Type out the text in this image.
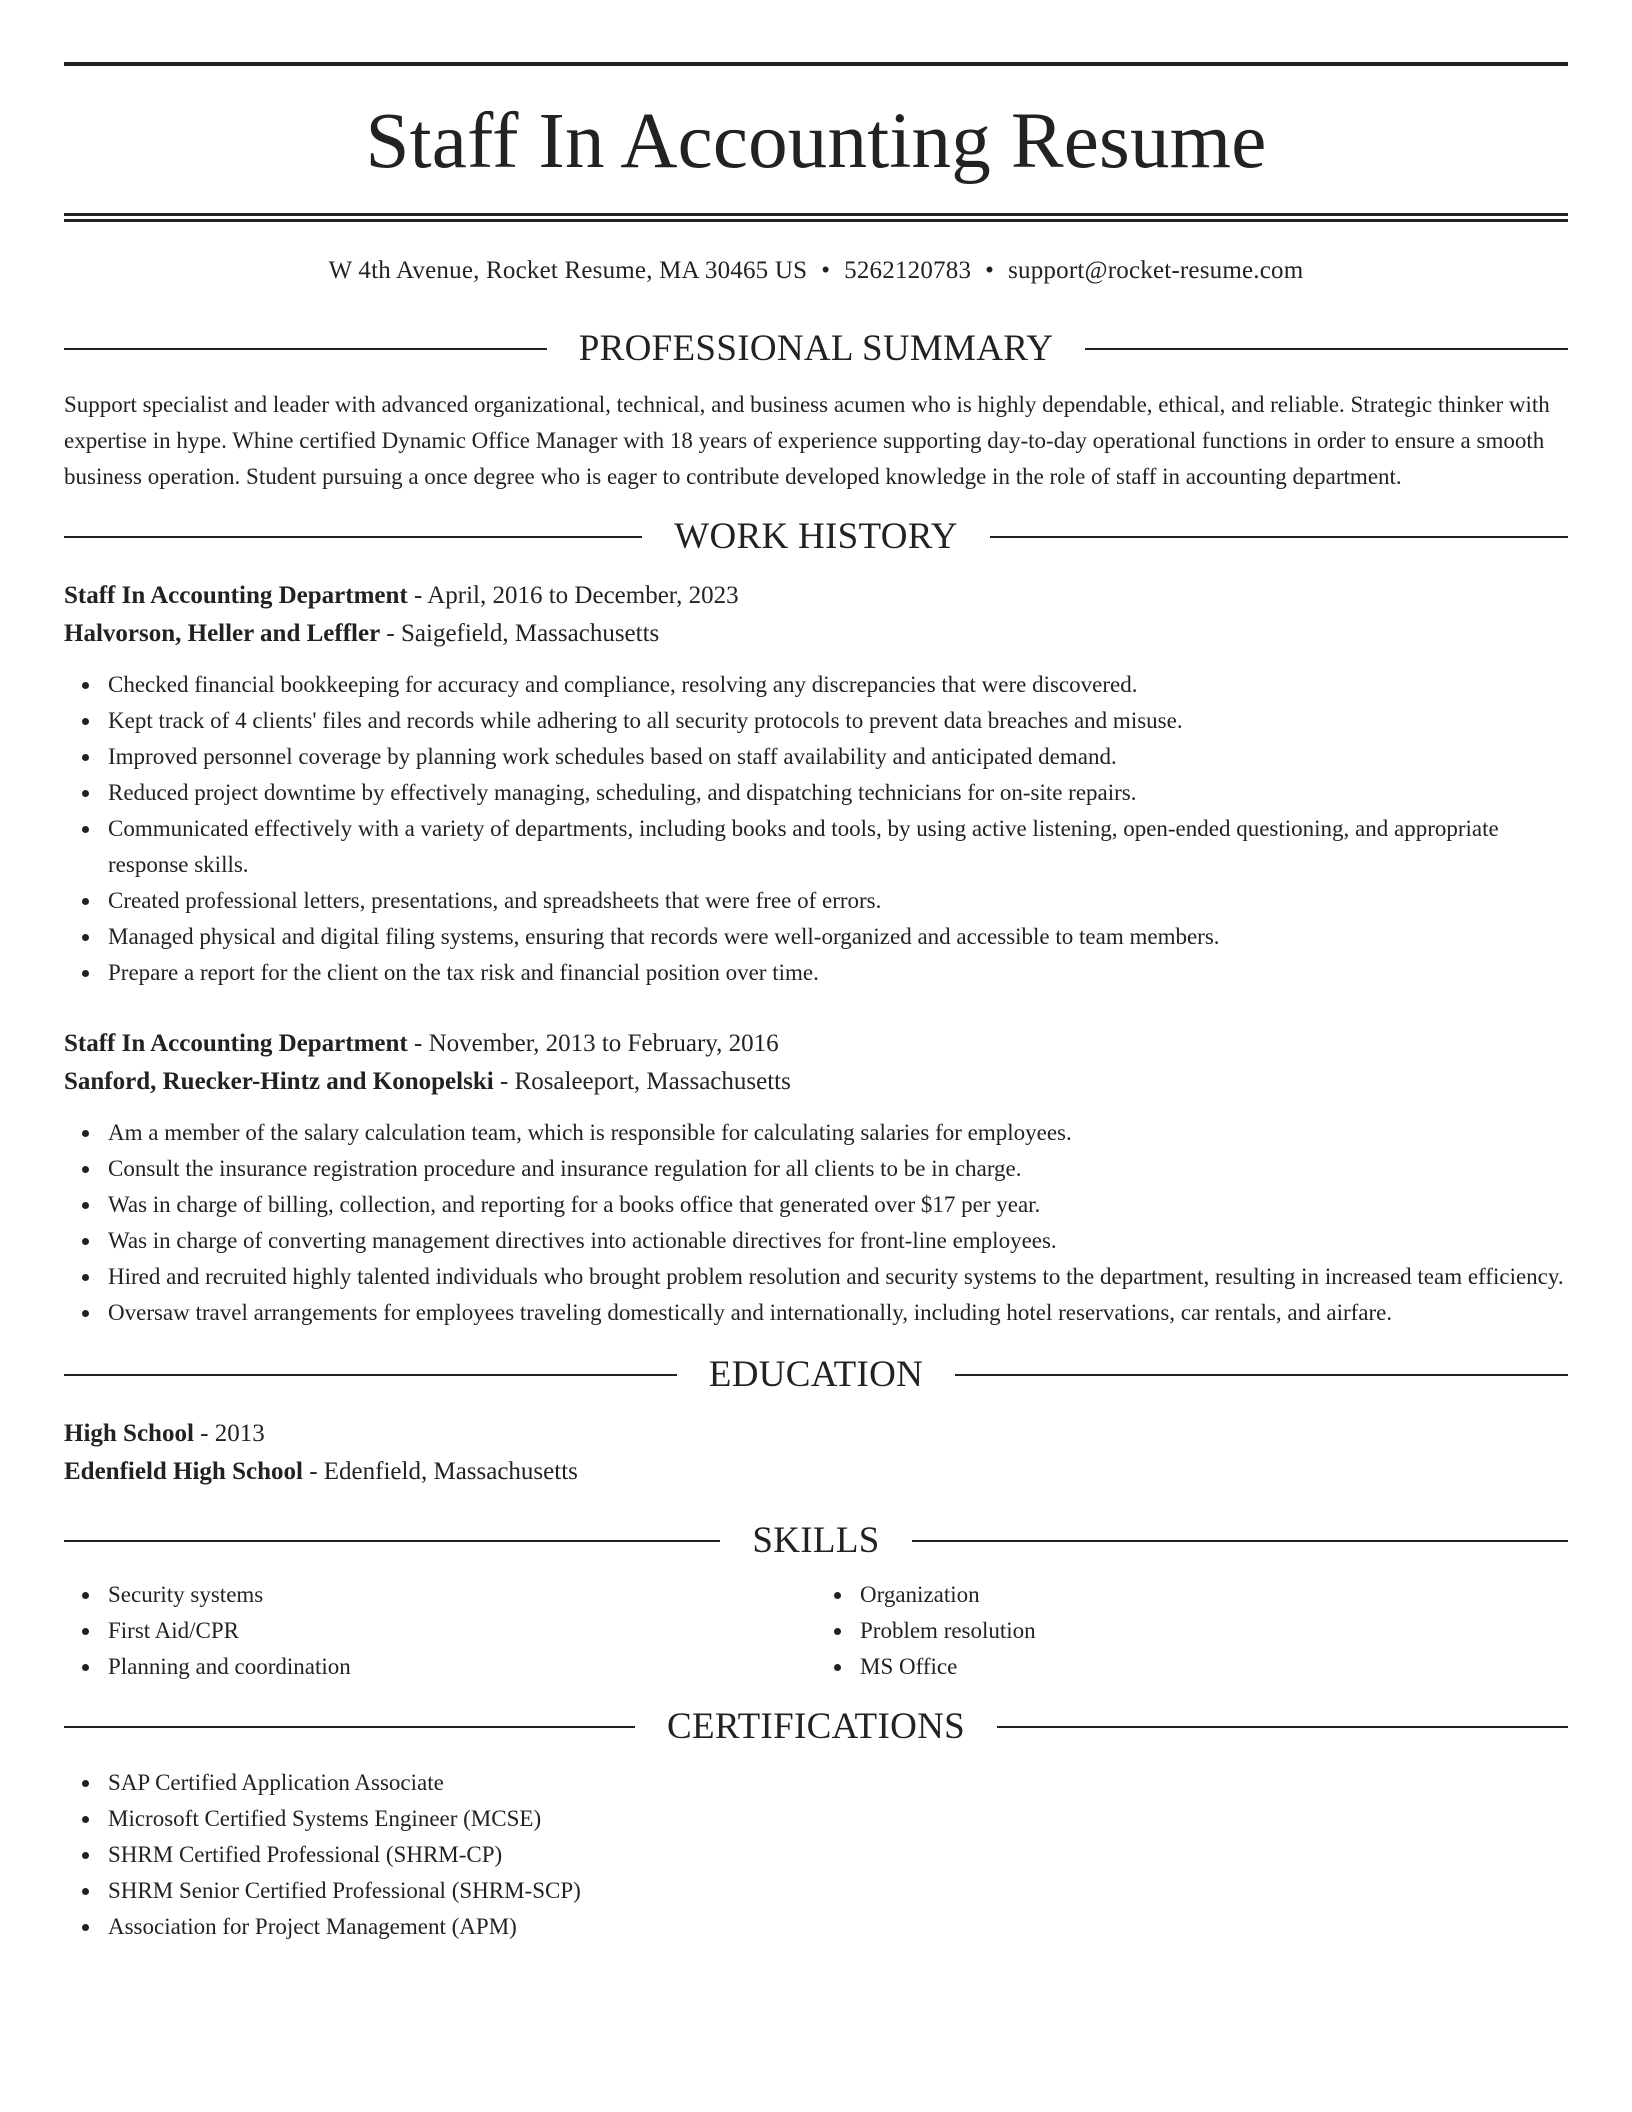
Staff In Accounting Resume
W 4th Avenue, Rocket Resume, MA 30465 US • 5262120783 • support@rocket-resume.com
PROFESSIONAL SUMMARY

Support specialist and leader with advanced organizational, technical, and business acumen who is highly dependable, ethical, and reliable. Strategic thinker with expertise in hype. Whine certified Dynamic Office Manager with 18 years of experience supporting day-to-day operational functions in order to ensure a smooth business operation. Student pursuing a once degree who is eager to contribute developed knowledge in the role of staff in accounting department.

WORK HISTORY

Staff In Accounting Department - April, 2016 to December, 2023

Halvorson, Heller and Leffler - Saigefield, Massachusetts

Checked financial bookkeeping for accuracy and compliance, resolving any discrepancies that were discovered.
Kept track of 4 clients' files and records while adhering to all security protocols to prevent data breaches and misuse.
Improved personnel coverage by planning work schedules based on staff availability and anticipated demand.
Reduced project downtime by effectively managing, scheduling, and dispatching technicians for on-site repairs.
Communicated effectively with a variety of departments, including books and tools, by using active listening, open-ended questioning, and appropriate response skills.
Created professional letters, presentations, and spreadsheets that were free of errors.
Managed physical and digital filing systems, ensuring that records were well-organized and accessible to team members.
Prepare a report for the client on the tax risk and financial position over time.

Staff In Accounting Department - November, 2013 to February, 2016

Sanford, Ruecker-Hintz and Konopelski - Rosaleeport, Massachusetts

Am a member of the salary calculation team, which is responsible for calculating salaries for employees.
Consult the insurance registration procedure and insurance regulation for all clients to be in charge.
Was in charge of billing, collection, and reporting for a books office that generated over $17 per year.
Was in charge of converting management directives into actionable directives for front-line employees.
Hired and recruited highly talented individuals who brought problem resolution and security systems to the department, resulting in increased team efficiency.
Oversaw travel arrangements for employees traveling domestically and internationally, including hotel reservations, car rentals, and airfare.
EDUCATION

High School - 2013

Edenfield High School - Edenfield, Massachusetts

SKILLS
Security systems
First Aid/CPR
Planning and coordination
Organization
Problem resolution
MS Office
CERTIFICATIONS
SAP Certified Application Associate
Microsoft Certified Systems Engineer (MCSE)
SHRM Certified Professional (SHRM-CP)
SHRM Senior Certified Professional (SHRM-SCP)
Association for Project Management (APM)
